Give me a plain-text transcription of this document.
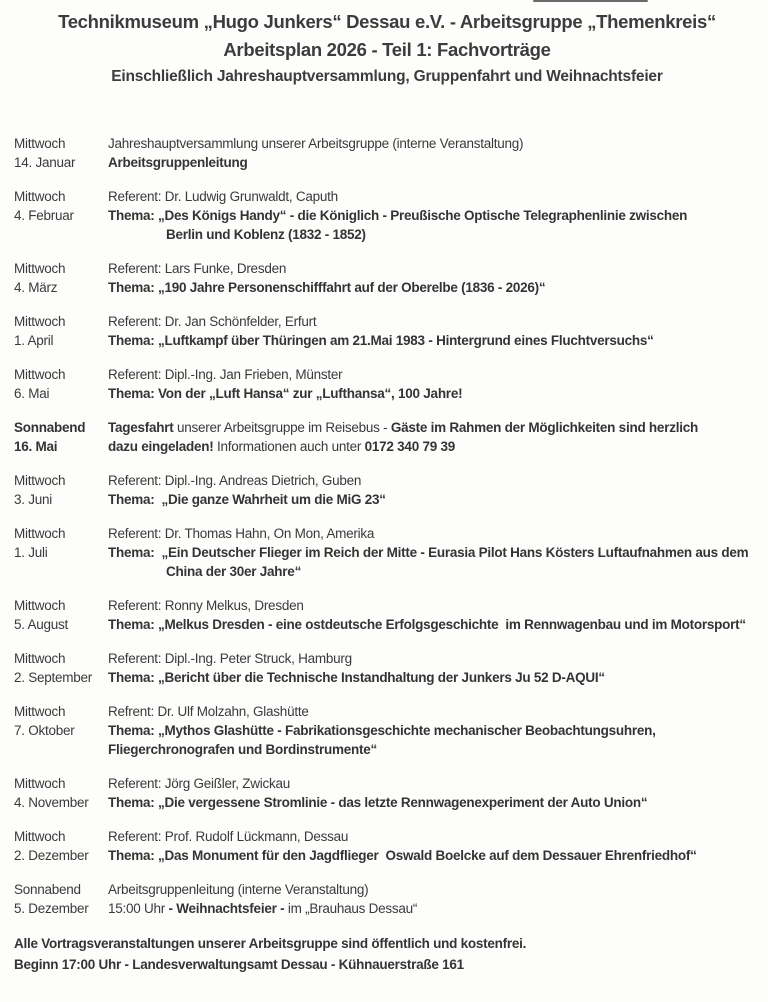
Technikmuseum „Hugo Junkers“ Dessau e.V. - Arbeitsgruppe „Themenkreis“
Arbeitsplan 2026 - Teil 1: Fachvorträge
Einschließlich Jahreshauptversammlung, Gruppenfahrt und Weihnachtsfeier
Mittwoch
14. Januar
Jahreshauptversammlung unserer Arbeitsgruppe (interne Veranstaltung)
Arbeitsgruppenleitung
Mittwoch
4. Februar
Referent: Dr. Ludwig Grunwaldt, Caputh
Thema: „Des Königs Handy“ - die Königlich - Preußische Optische Telegraphenlinie zwischen
Berlin und Koblenz (1832 - 1852)
Mittwoch
4. März
Referent: Lars Funke, Dresden
Thema: „190 Jahre Personenschifffahrt auf der Oberelbe (1836 - 2026)“
Mittwoch
1. April
Referent: Dr. Jan Schönfelder, Erfurt
Thema: „Luftkampf über Thüringen am 21.Mai 1983 - Hintergrund eines Fluchtversuchs“
Mittwoch
6. Mai
Referent: Dipl.-Ing. Jan Frieben, Münster
Thema: Von der „Luft Hansa“ zur „Lufthansa“, 100 Jahre!
Sonnabend
16. Mai
Tagesfahrt unserer Arbeitsgruppe im Reisebus - Gäste im Rahmen der Möglichkeiten sind herzlich
dazu eingeladen! Informationen auch unter 0172 340 79 39
Mittwoch
3. Juni
Referent: Dipl.-Ing. Andreas Dietrich, Guben
Thema:  „Die ganze Wahrheit um die MiG 23“
Mittwoch
1. Juli
Referent: Dr. Thomas Hahn, On Mon, Amerika
Thema:  „Ein Deutscher Flieger im Reich der Mitte - Eurasia Pilot Hans Kösters Luftaufnahmen aus dem
China der 30er Jahre“
Mittwoch
5. August
Referent: Ronny Melkus, Dresden
Thema: „Melkus Dresden - eine ostdeutsche Erfolgsgeschichte  im Rennwagenbau und im Motorsport“
Mittwoch
2. September
Referent: Dipl.-Ing. Peter Struck, Hamburg
Thema: „Bericht über die Technische Instandhaltung der Junkers Ju 52 D-AQUI“
Mittwoch
7. Oktober
Refrent: Dr. Ulf Molzahn, Glashütte
Thema: „Mythos Glashütte - Fabrikationsgeschichte mechanischer Beobachtungsuhren,
Fliegerchronografen und Bordinstrumente“
Mittwoch
4. November
Referent: Jörg Geißler, Zwickau
Thema: „Die vergessene Stromlinie - das letzte Rennwagenexperiment der Auto Union“
Mittwoch
2. Dezember
Referent: Prof. Rudolf Lückmann, Dessau
Thema: „Das Monument für den Jagdflieger  Oswald Boelcke auf dem Dessauer Ehrenfriedhof“
Sonnabend
5. Dezember
Arbeitsgruppenleitung (interne Veranstaltung)
15:00 Uhr - Weihnachtsfeier - im „Brauhaus Dessau“
Alle Vortragsveranstaltungen unserer Arbeitsgruppe sind öffentlich und kostenfrei.
Beginn 17:00 Uhr - Landesverwaltungsamt Dessau - Kühnauerstraße 161
